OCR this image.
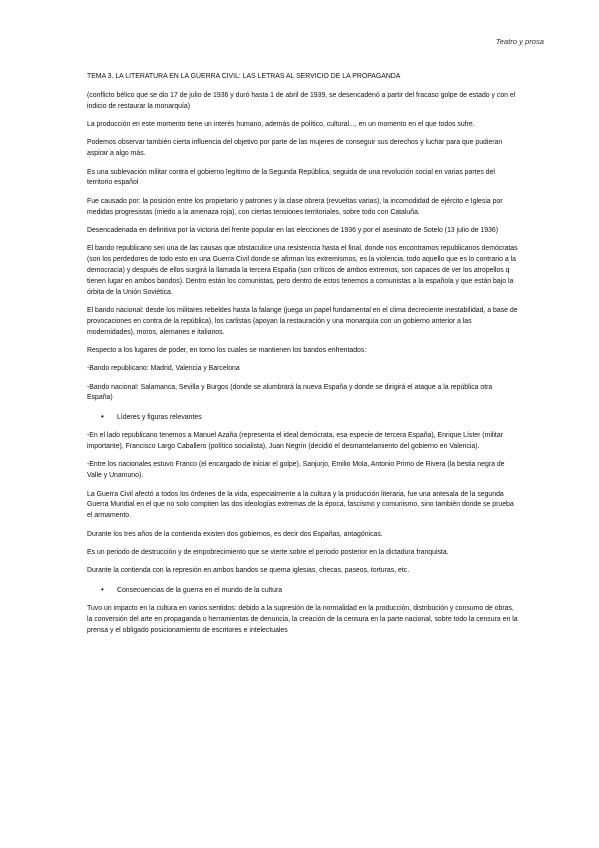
Teatro y prosa

TEMA 3. LA LITERATURA EN LA GUERRA CIVIL: LAS LETRAS AL SERVICIO DE LA PROPAGANDA

(conflicto bélico que se dio 17 de julio de 1936 y duró hasta 1 de abril de 1939, se desencadenó a partir del fracaso golpe de estado y con el indicio de restaurar la monarquía)

La producción en este momento tiene un interés humano, además de político, cultural..., en un momento en el que todos sufre.

Podemos observar también cierta influencia del objetivo por parte de las mujeres de conseguir sus derechos y luchar para que pudieran aspirar a algo más.

Es una sublevación militar contra el gobierno legítimo de la Segunda República, seguida de una revolución social en varias partes del territorio español

Fue causado por: la posición entre los propietario y patrones y la clase obrera (revueltas varias), la incomodidad de ejército e Iglesia por medidas progresistas (miedo a la amenaza roja), con ciertas tensiones territoriales, sobre todo con Cataluña.

Desencadenada en definitiva por la victoria del frente popular en las elecciones de 1936 y por el asesinato de Sotelo (13 julio de 1936)

El bando republicano seri una de las causas que obstaculice una resistencia hasta el final, donde nos encontramos republicanos demócratas (son los perdedores de todo esto en una Guerra Civil donde se afirman los extremismos, es la violencia, todo aquello que es lo contrario a la democracia) y después de ellos surgirá la llamada la tercera España (son críticos de ambos extremos, son capaces de ver los atropellos q tienen lugar en ambos bandos). Dentro están los comunistas, pero dentro de estos tenemos a comunistas a la española y que están bajo la órbita de la Unión Soviética.

El bando nacional: desde los militares rebeldes hasta la falange (juega un papel fundamental en el clima decreciente inestabilidad, a base de provocaciones en contra de la república), los carlistas (apoyan la restauración y una monarquía con un gobierno anterior a las modernidades), moros, alemanes e italianos.

Respecto a los lugares de poder, en torno los cuales se mantienen los bandos enfrentados:

-Bando republicano: Madrid, Valencia y Barcelona

-Bando nacional: Salamanca, Sevilla y Burgos (donde se alumbrará la nueva España y donde se dirigirá el ataque a la república otra España)

•	Líderes y figuras relevantes

-En el lado republicano tenemos a Manuel Azaña (representa el ideal demócrata, esa especie de tercera España), Enrique Líster (militar importante), Francisco Largo Caballero (político socialista), Juan Negrín (decidió el desmantelamiento del gobierno en Valencia).

-Entre los nacionales estuvo Franco (el encargado de iniciar el golpe), Sanjurjo, Emilio Mola, Antonio Primo de Rivera (la bestia negra de Valle y Unamuno).

La Guerra Civil afectó a todos los órdenes de la vida, especialmente a la cultura y la producción literaria, fue una antesala de la segunda Guerra Mundial en el que no solo compiten las dos ideologías extremas de la época, fascismo y comunismo, sino también donde se prueba el armamento.

Durante los tres años de la contienda existen dos gobiernos, es decir dos Españas, antagónicas.

Es un periodo de destrucción y de empobrecimiento que se vierte sobre el periodo posterior en la dictadura franquista.

Durante la contienda con la represión en ambos bandos se quema iglesias, checas, paseos, torturas, etc.

•	Consecuencias de la guerra en el mundo de la cultura

Tuvo un impacto en la cultura en varios sentidos: debido a la supresión de la normalidad en la producción, distribución y consumo de obras, la conversión del arte en propaganda o herramientas de denuncia, la creación de la censura en la parte nacional, sobre todo la censura en la prensa y el obligado posicionamiento de escritores e intelectuales
